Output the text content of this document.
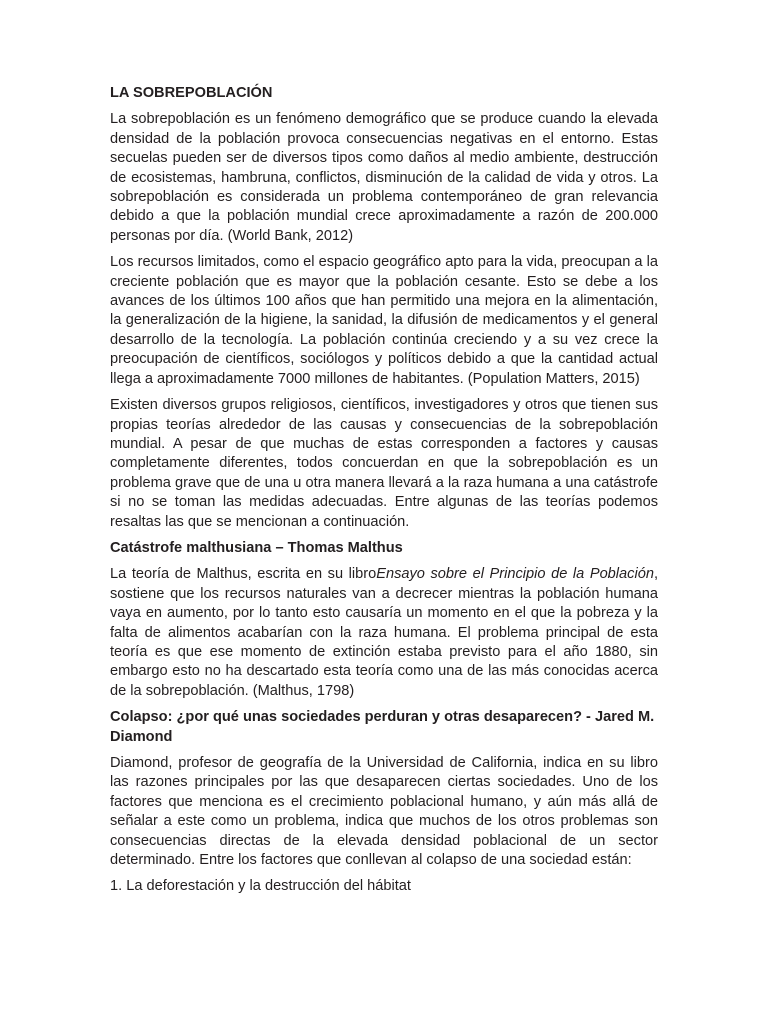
LA SOBREPOBLACIÓN

La sobrepoblación es un fenómeno demográfico que se produce cuando la elevada densidad de la población provoca consecuencias negativas en el entorno. Estas secuelas pueden ser de diversos tipos como daños al medio ambiente, destrucción de ecosistemas, hambruna, conflictos, disminución de la calidad de vida y otros. La sobrepoblación es considerada un problema contemporáneo de gran relevancia debido a que la población mundial crece aproximadamente a razón de 200.000 personas por día. (World Bank, 2012)

Los recursos limitados, como el espacio geográfico apto para la vida, preocupan a la creciente población que es mayor que la población cesante. Esto se debe a los avances de los últimos 100 años que han permitido una mejora en la alimentación, la generalización de la higiene, la sanidad, la difusión de medicamentos y el general desarrollo de la tecnología. La población continúa creciendo y a su vez crece la preocupación de científicos, sociólogos y políticos debido a que la cantidad actual llega a aproximadamente 7000 millones de habitantes. (Population Matters, 2015)

Existen diversos grupos religiosos, científicos, investigadores y otros que tienen sus propias teorías alrededor de las causas y consecuencias de la sobrepoblación mundial. A pesar de que muchas de estas corresponden a factores y causas completamente diferentes, todos concuerdan en que la sobrepoblación es un problema grave que de una u otra manera llevará a la raza humana a una catástrofe si no se toman las medidas adecuadas. Entre algunas de las teorías podemos resaltas las que se mencionan a continuación.

Catástrofe malthusiana – Thomas Malthus

La teoría de Malthus, escrita en su libroEnsayo sobre el Principio de la Población, sostiene que los recursos naturales van a decrecer mientras la población humana vaya en aumento, por lo tanto esto causaría un momento en el que la pobreza y la falta de alimentos acabarían con la raza humana. El problema principal de esta teoría es que ese momento de extinción estaba previsto para el año 1880, sin embargo esto no ha descartado esta teoría como una de las más conocidas acerca de la sobrepoblación. (Malthus, 1798)

Colapso: ¿por qué unas sociedades perduran y otras desaparecen? - Jared M. Diamond

Diamond, profesor de geografía de la Universidad de California, indica en su libro las razones principales por las que desaparecen ciertas sociedades. Uno de los factores que menciona es el crecimiento poblacional humano, y aún más allá de señalar a este como un problema, indica que muchos de los otros problemas son consecuencias directas de la elevada densidad poblacional de un sector determinado. Entre los factores que conllevan al colapso de una sociedad están:

1. La deforestación y la destrucción del hábitat
